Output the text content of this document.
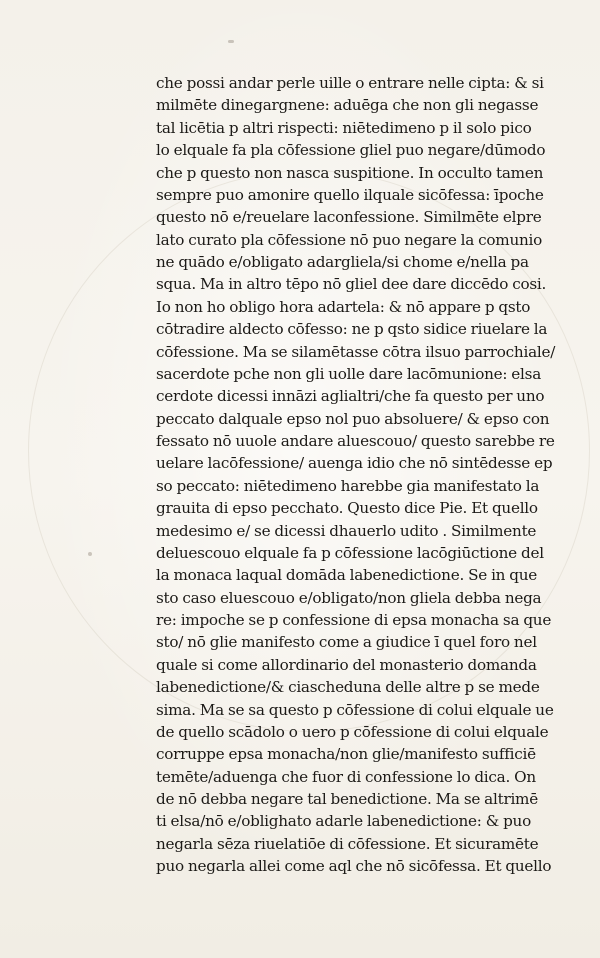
che possi andar perle uille o entrare nelle cipta: & si
milmēte dinegargnene: aduēga che non gli negasse
tal licētia p altri rispecti: niētedimeno p il solo pico
lo elquale fa pla cōfessione gliel puo negare/dūmodo
che p questo non nasca suspitione. In occulto tamen
sempre puo amonire quello ilquale sicōfessa: īpoche
questo nō e/reuelare laconfessione. Similmēte elpre
lato curato pla cōfessione nō puo negare la comunio
ne quādo e/obligato adargliela/si chome e/nella pa
squa. Ma in altro tēpo nō gliel dee dare diccēdo cosi.
Io non ho obligo hora adartela: & nō appare p qsto
cōtradire aldecto cōfesso: ne p qsto sidice riuelare la
cōfessione. Ma se silamētasse cōtra ilsuo parrochiale/
sacerdote pche non gli uolle dare lacōmunione: elsa
cerdote dicessi innāzi aglialtri/che fa questo per uno
peccato dalquale epso nol puo absoluere/ & epso con
fessato nō uuole andare aluescouo/ questo sarebbe re
uelare lacōfessione/ auenga idio che nō sintēdesse ep
so peccato: niētedimeno harebbe gia manifestato la
grauita di epso pecchato. Questo dice Pie. Et quello
medesimo e/ se dicessi dhauerlo udito . Similmente
deluescouo elquale fa p cōfessione lacōgiūctione del
la monaca laqual domāda labenedictione. Se in que
sto caso eluescouo e/obligato/non gliela debba nega
re: impoche se p confessione di epsa monacha sa que
sto/ nō glie manifesto come a giudice ī quel foro nel
quale si come allordinario del monasterio domanda
labenedictione/& ciascheduna delle altre p se mede
sima. Ma se sa questo p cōfessione di colui elquale ue
de quello scādolo o uero p cōfessione di colui elquale
corruppe epsa monacha/non glie/manifesto sufficiē
temēte/aduenga che fuor di confessione lo dica. On
de nō debba negare tal benedictione. Ma se altrimē
ti elsa/nō e/oblighato adarle labenedictione: & puo
negarla sēza riuelatiōe di cōfessione. Et sicuramēte
puo negarla allei come aql che nō sicōfessa. Et quello
